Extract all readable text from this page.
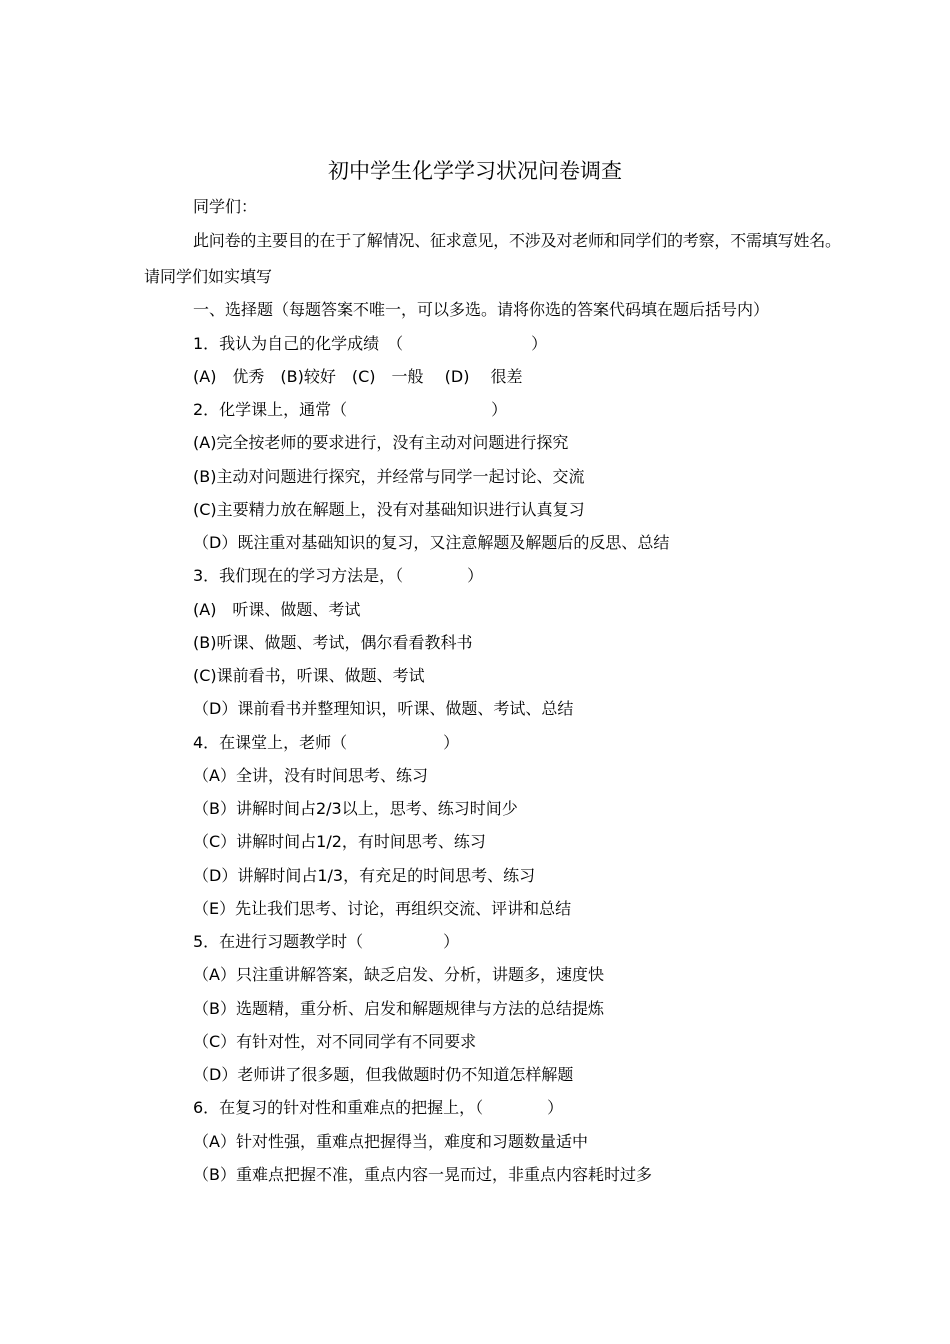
初中学生化学学习状况问卷调查
同学们：
此问卷的主要目的在于了解情况、征求意见，不涉及对老师和同学们的考察，不需填写姓名。
请同学们如实填写
一、选择题（每题答案不唯一，可以多选。请将你选的答案代码填在题后括号内）
1．我认为自己的化学成绩　（　　　　　　　　）
(A)　优秀　(B)较好　(C)　一般　 (D)　 很差
2．化学课上，通常（　　　　　　　　　）
(A)完全按老师的要求进行，没有主动对问题进行探究
(B)主动对问题进行探究，并经常与同学一起讨论、交流
(C)主要精力放在解题上，没有对基础知识进行认真复习
（D）既注重对基础知识的复习，又注意解题及解题后的反思、总结
3．我们现在的学习方法是，（　　　　）
(A)　听课、做题、考试
(B)听课、做题、考试，偶尔看看教科书
(C)课前看书，听课、做题、考试
（D）课前看书并整理知识，听课、做题、考试、总结
4．在课堂上，老师（　　　　　　）
（A）全讲，没有时间思考、练习
（B）讲解时间占2/3以上，思考、练习时间少
（C）讲解时间占1/2，有时间思考、练习
（D）讲解时间占1/3，有充足的时间思考、练习
（E）先让我们思考、讨论，再组织交流、评讲和总结
5．在进行习题教学时（　　　　　）
（A）只注重讲解答案，缺乏启发、分析，讲题多，速度快
（B）选题精，重分析、启发和解题规律与方法的总结提炼
（C）有针对性，对不同同学有不同要求
（D）老师讲了很多题，但我做题时仍不知道怎样解题
6．在复习的针对性和重难点的把握上，（　　　　）
（A）针对性强，重难点把握得当，难度和习题数量适中
（B）重难点把握不准，重点内容一晃而过，非重点内容耗时过多
